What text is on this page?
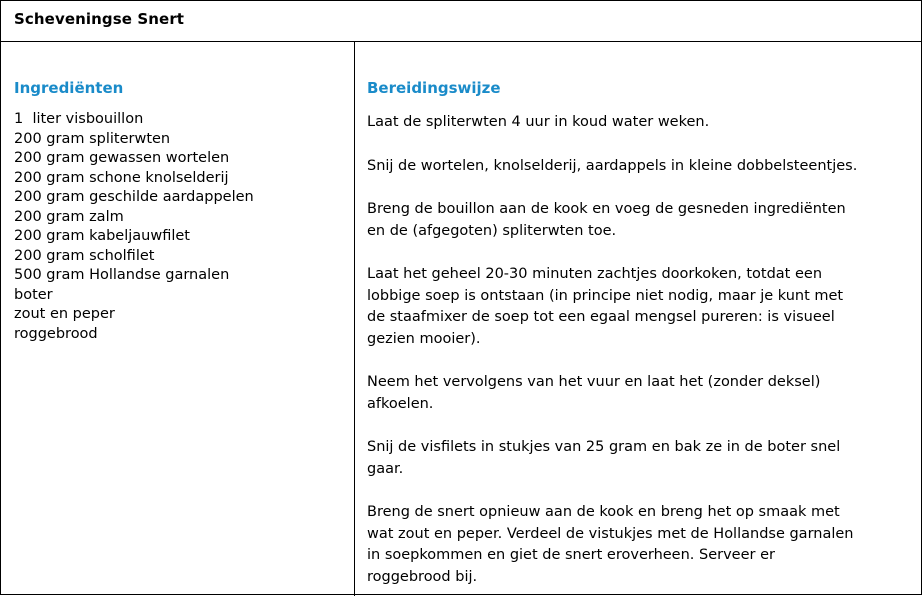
Scheveningse Snert
Ingrediënten
1  liter visbouillon
200 gram spliterwten
200 gram gewassen wortelen
200 gram schone knolselderij
200 gram geschilde aardappelen
200 gram zalm
200 gram kabeljauwfilet
200 gram scholfilet
500 gram Hollandse garnalen
boter
zout en peper
roggebrood
Bereidingswijze

Laat de spliterwten 4 uur in koud water weken.

Snij de wortelen, knolselderij, aardappels in kleine dobbelsteentjes.

Breng de bouillon aan de kook en voeg de gesneden ingrediënten
en de (afgegoten) spliterwten toe.

Laat het geheel 20-30 minuten zachtjes doorkoken, totdat een
lobbige soep is ontstaan (in principe niet nodig, maar je kunt met
de staafmixer de soep tot een egaal mengsel pureren: is visueel
gezien mooier).

Neem het vervolgens van het vuur en laat het (zonder deksel)
afkoelen.

Snij de visfilets in stukjes van 25 gram en bak ze in de boter snel
gaar.

Breng de snert opnieuw aan de kook en breng het op smaak met
wat zout en peper. Verdeel de vistukjes met de Hollandse garnalen
in soepkommen en giet de snert eroverheen. Serveer er
roggebrood bij.
